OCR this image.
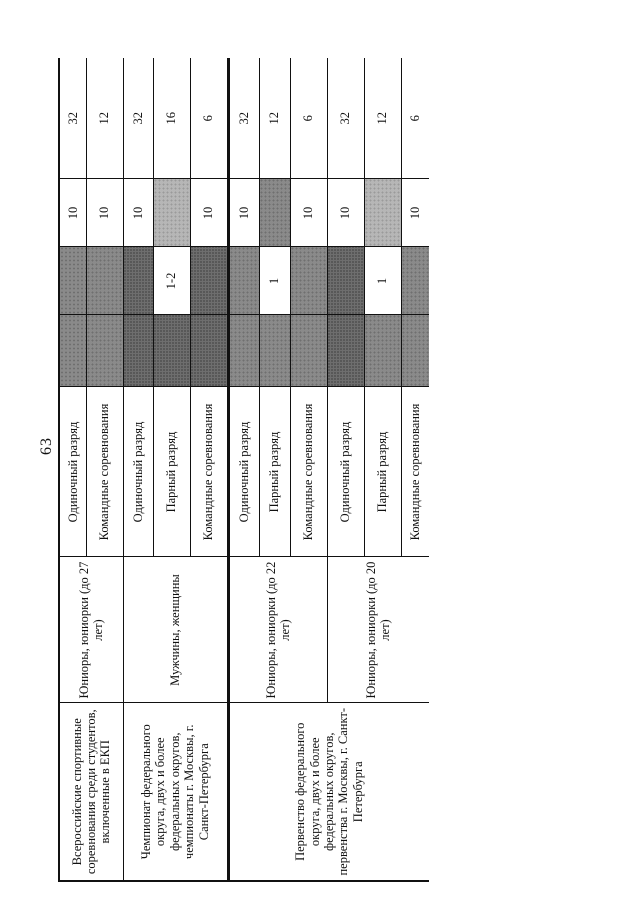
63
Всероссийские спортивные соревнования среди студентов, включенные в ЕКП	Юниоры, юниорки (до 27 лет)	Одиночный разряд			10	32
		Командные соревнования			10	12
Чемпионат федерального округа, двух и более федеральных округов, чемпионаты г. Москвы, г. Санкт-Петербурга	Мужчины, женщины	Одиночный разряд			10	32
		Парный разряд		1-2		16
		Командные соревнования			10	6
Первенство федерального округа, двух и более федеральных округов, первенства г. Москвы, г. Санкт-Петербурга	Юниоры, юниорки (до 22 лет)	Одиночный разряд			10	32
		Парный разряд		1		12
		Командные соревнования			10	6
	Юниоры, юниорки (до 20 лет)	Одиночный разряд			10	32
		Парный разряд		1		12
		Командные соревнования			10	6
